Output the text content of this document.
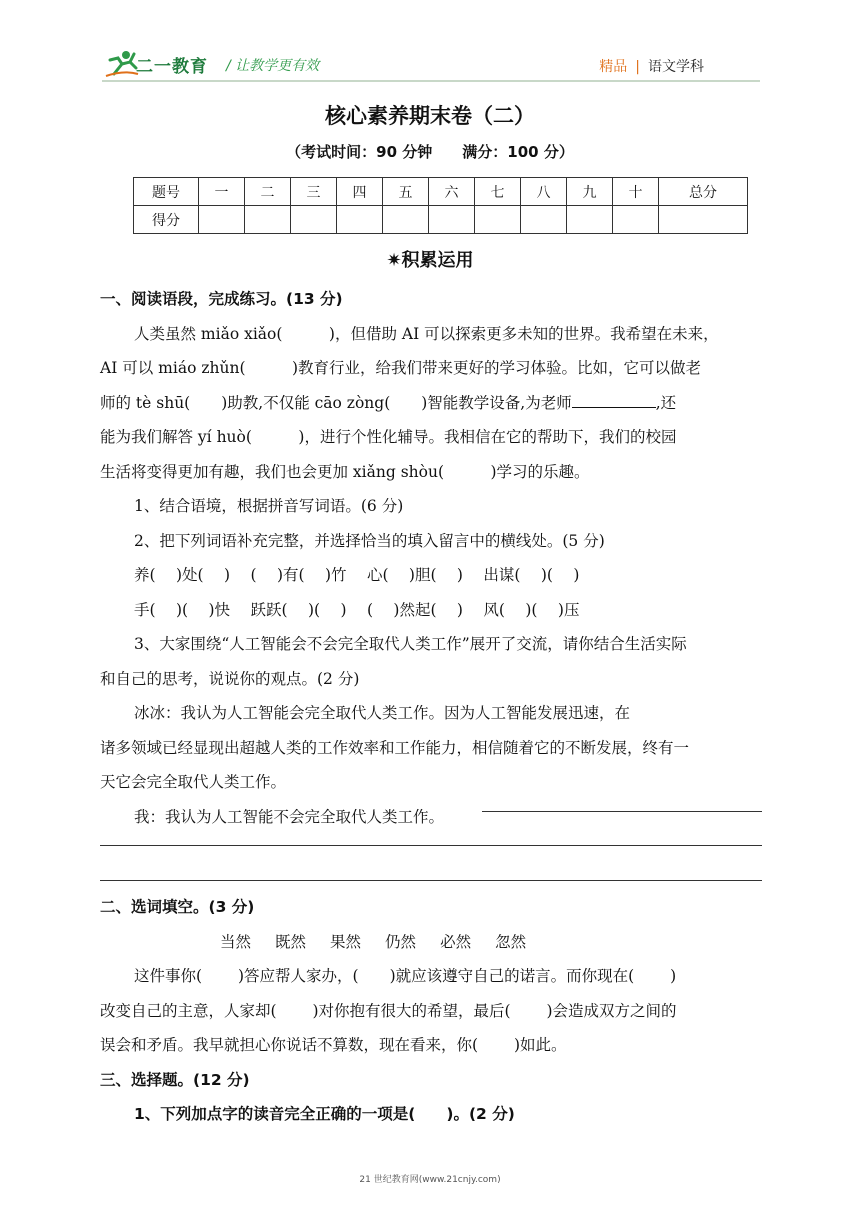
二一教育 / 让教学更有效	精品 | 语文学科
核心素养期末卷（二）
（考试时间：90 分钟 满分：100 分）
题号	一	二	三	四	五	六	七	八	九	十	总分
得分											
✷积累运用
一、阅读语段，完成练习。(13 分)
人类虽然 miǎo xiǎo(　　　)，但借助 AI 可以探索更多未知的世界。我希望在未来，
AI 可以 miáo zhǔn(　　　)教育行业，给我们带来更好的学习体验。比如，它可以做老
师的 tè shū(　　)助教,不仅能 cāo zòng(　　)智能教学设备,为老师	,还
能为我们解答 yí huò(　　　)，进行个性化辅导。我相信在它的帮助下，我们的校园
生活将变得更加有趣，我们也会更加 xiǎng shòu(　　　)学习的乐趣。
1、结合语境，根据拼音写词语。(6 分)
2、把下列词语补充完整，并选择恰当的填入留言中的横线处。(5 分)
养(　 )处(　 )　 (　 )有(　 )竹　 心(　 )胆(　 )　 出谋(　 )(　 )
手(　 )(　 )快　 跃跃(　 )(　 )　 (　 )然起(　 )　 风(　 )(　 )压
3、大家围绕“人工智能会不会完全取代人类工作”展开了交流，请你结合生活实际
和自己的思考，说说你的观点。(2 分)
冰冰：我认为人工智能会完全取代人类工作。因为人工智能发展迅速，在
诸多领域已经显现出超越人类的工作效率和工作能力，相信随着它的不断发展，终有一
天它会完全取代人类工作。
我：我认为人工智能不会完全取代人类工作。
二、选词填空。(3 分)
当然 既然 果然 仍然 必然 忽然
这件事你(　　 )答应帮人家办，(　　)就应该遵守自己的诺言。而你现在(　　 )
改变自己的主意，人家却(　　 )对你抱有很大的希望，最后(　　 )会造成双方之间的
误会和矛盾。我早就担心你说话不算数，现在看来，你(　　 )如此。
三、选择题。(12 分)
1、下列加点字的读音完全正确的一项是(　　)。(2 分)
21 世纪教育网(www.21cnjy.com)
